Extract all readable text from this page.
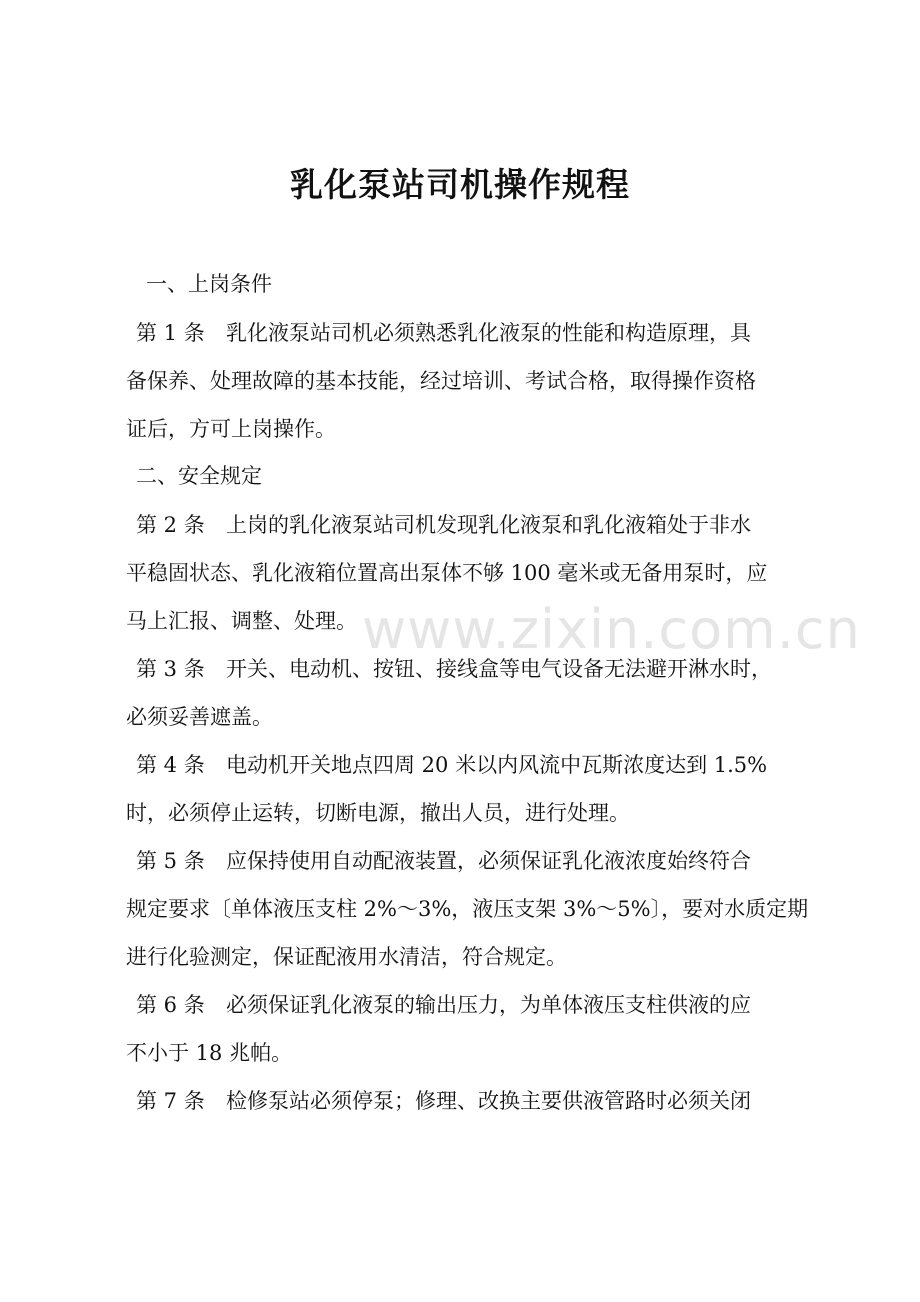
乳化泵站司机操作规程
一、上岗条件
第 1 条 乳化液泵站司机必须熟悉乳化液泵的性能和构造原理，具
备保养、处理故障的基本技能，经过培训、考试合格，取得操作资格
证后，方可上岗操作。
二、安全规定
第 2 条 上岗的乳化液泵站司机发现乳化液泵和乳化液箱处于非水
平稳固状态、乳化液箱位置高出泵体不够 100 毫米或无备用泵时，应
马上汇报、调整、处理。
第 3 条 开关、电动机、按钮、接线盒等电气设备无法避开淋水时，
必须妥善遮盖。
第 4 条 电动机开关地点四周 20 米以内风流中瓦斯浓度达到 1.5%
时，必须停止运转，切断电源，撤出人员，进行处理。
第 5 条 应保持使用自动配液装置，必须保证乳化液浓度始终符合
规定要求〔单体液压支柱 2%～3%，液压支架 3%～5%〕，要对水质定期
进行化验测定，保证配液用水清洁，符合规定。
第 6 条 必须保证乳化液泵的输出压力，为单体液压支柱供液的应
不小于 18 兆帕。
第 7 条 检修泵站必须停泵；修理、改换主要供液管路时必须关闭
www.zixin.com.cn
